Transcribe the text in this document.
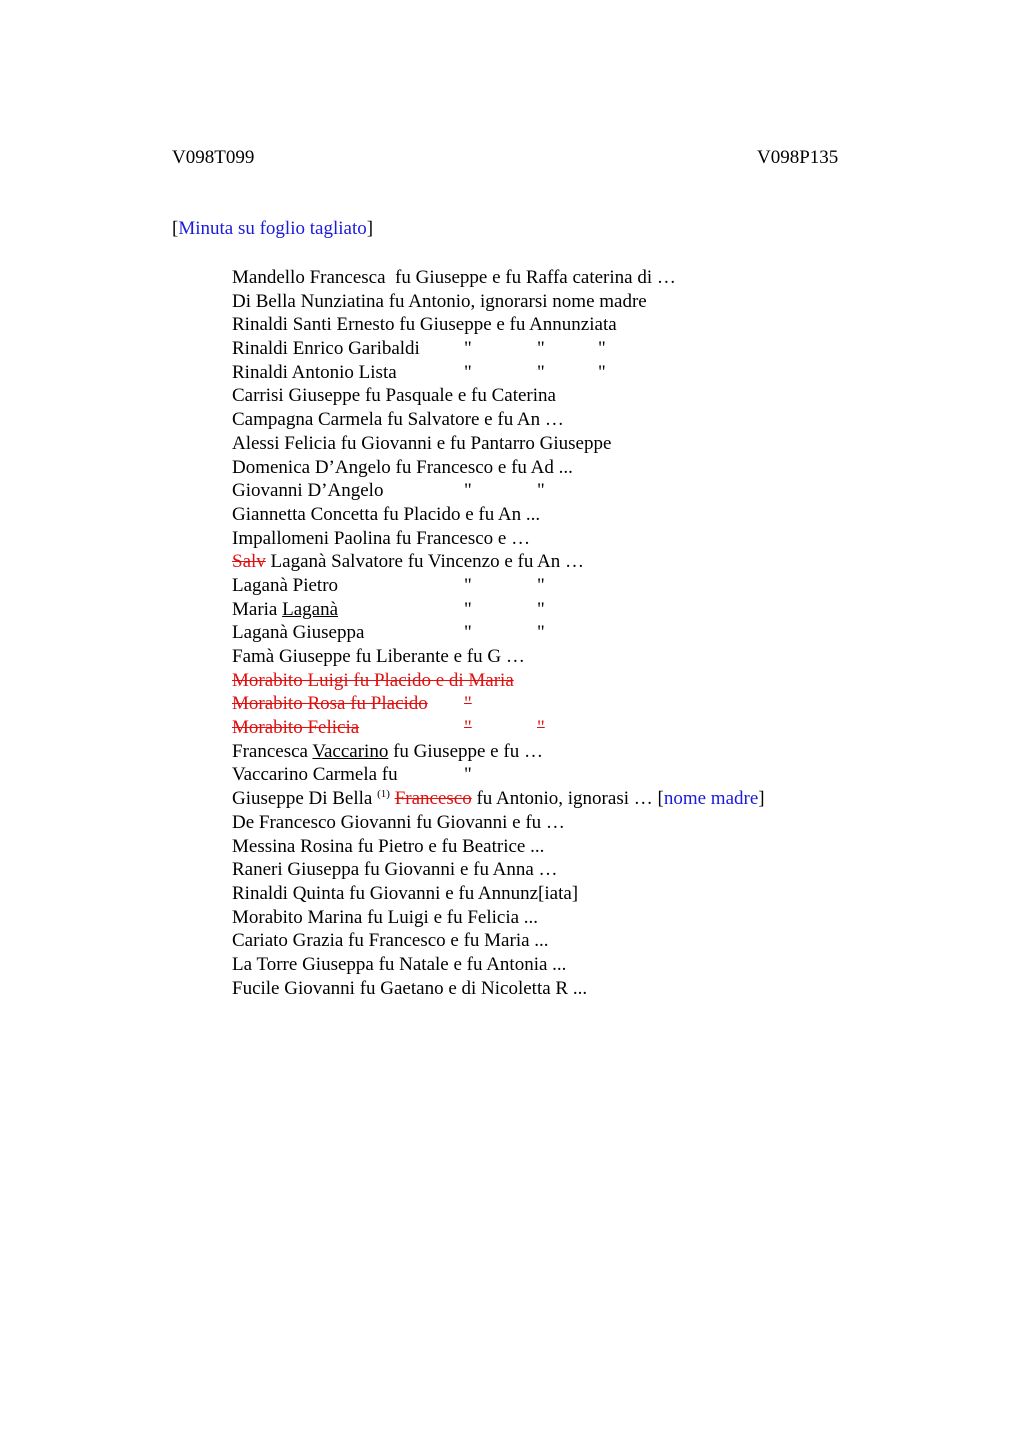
V098T099	V098P135
[Minuta su foglio tagliato]
Mandello Francesca  fu Giuseppe e fu Raffa caterina di …
Di Bella Nunziatina fu Antonio, ignorarsi nome madre
Rinaldi Santi Ernesto fu Giuseppe e fu Annunziata
Rinaldi Enrico Garibaldi "	"	"
Rinaldi Antonio Lista	"	"	"
Carrisi Giuseppe fu Pasquale e fu Caterina
Campagna Carmela fu Salvatore e fu An …
Alessi Felicia fu Giovanni e fu Pantarro Giuseppe
Domenica D’Angelo fu Francesco e fu Ad ...
Giovanni D’Angelo	"	"
Giannetta Concetta fu Placido e fu An ...
Impallomeni Paolina fu Francesco e …
Salv Laganà Salvatore fu Vincenzo e fu An …
Laganà Pietro	"	"
Maria Laganà	"	"
Laganà Giuseppa	"	"
Famà Giuseppe fu Liberante e fu G …
Morabito Luigi fu Placido e di Maria
Morabito Rosa fu Placido "
Morabito Felicia	"	"
Francesca Vaccarino fu Giuseppe e fu …
Vaccarino Carmela fu	"
Giuseppe Di Bella $^{(1)}$ Francesco fu Antonio, ignorasi … [nome madre]
De Francesco Giovanni fu Giovanni e fu …
Messina Rosina fu Pietro e fu Beatrice ...
Raneri Giuseppa fu Giovanni e fu Anna …
Rinaldi Quinta fu Giovanni e fu Annunz[iata]
Morabito Marina fu Luigi e fu Felicia ...
Cariato Grazia fu Francesco e fu Maria ...
La Torre Giuseppa fu Natale e fu Antonia ...
Fucile Giovanni fu Gaetano e di Nicoletta R ...
